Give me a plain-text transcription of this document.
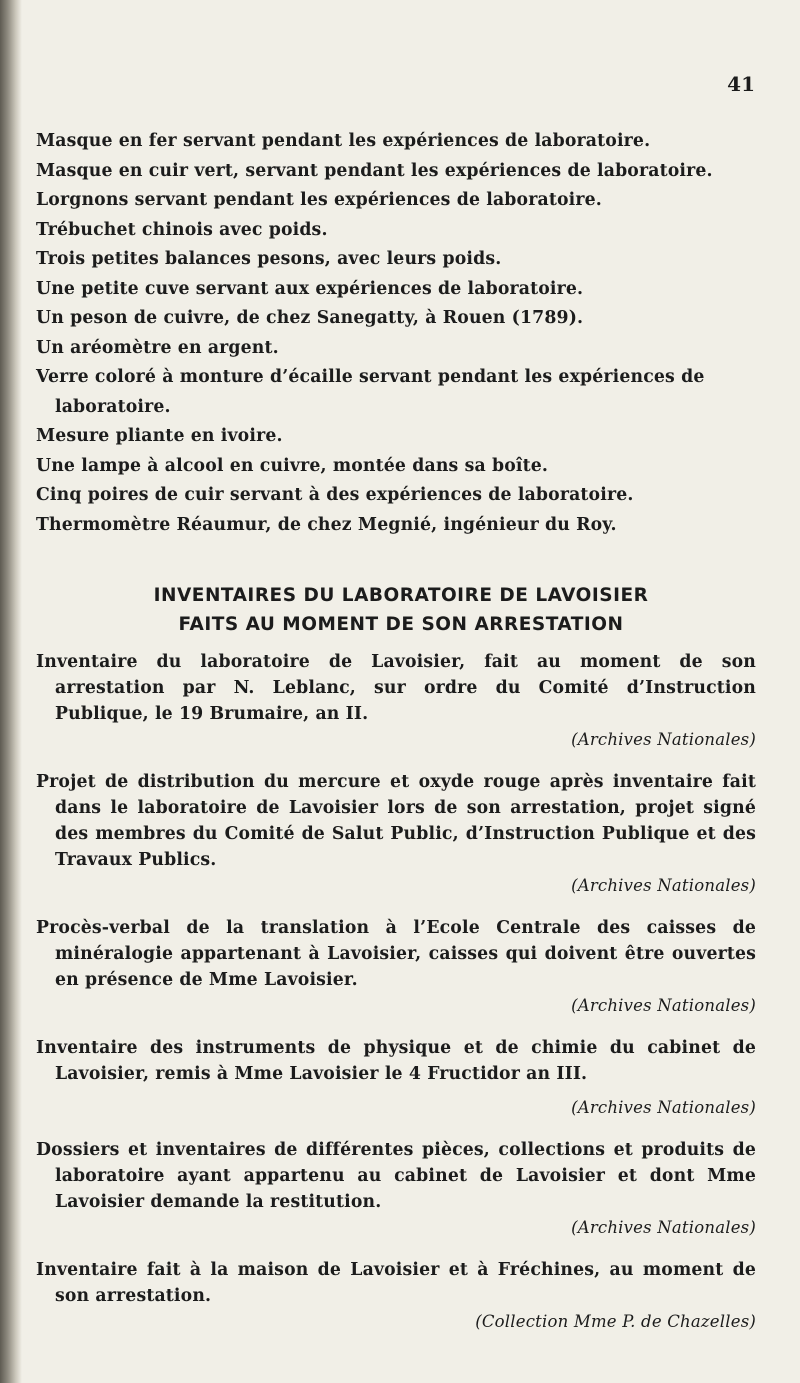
41
Masque en fer servant pendant les expériences de laboratoire.
Masque en cuir vert, servant pendant les expériences de laboratoire.
Lorgnons servant pendant les expériences de laboratoire.
Trébuchet chinois avec poids.
Trois petites balances pesons, avec leurs poids.
Une petite cuve servant aux expériences de laboratoire.
Un peson de cuivre, de chez Sanegatty, à Rouen (1789).
Un aréomètre en argent.
Verre coloré à monture d’écaille servant pendant les expériences de laboratoire.
Mesure pliante en ivoire.
Une lampe à alcool en cuivre, montée dans sa boîte.
Cinq poires de cuir servant à des expériences de laboratoire.
Thermomètre Réaumur, de chez Megnié, ingénieur du Roy.
INVENTAIRES DU LABORATOIRE DE LAVOISIER
FAITS AU MOMENT DE SON ARRESTATION
Inventaire du laboratoire de Lavoisier, fait au moment de son arrestation par N. Leblanc, sur ordre du Comité d’Instruction Publique, le 19 Brumaire, an II.
(Archives Nationales)
Projet de distribution du mercure et oxyde rouge après inventaire fait dans le laboratoire de Lavoisier lors de son arrestation, projet signé des membres du Comité de Salut Public, d’Instruction Publique et des Travaux Publics.
(Archives Nationales)
Procès-verbal de la translation à l’Ecole Centrale des caisses de minéralogie appartenant à Lavoisier, caisses qui doivent être ouvertes en présence de Mme Lavoisier.
(Archives Nationales)
Inventaire des instruments de physique et de chimie du cabinet de Lavoisier, remis à Mme Lavoisier le 4 Fructidor an III.
(Archives Nationales)
Dossiers et inventaires de différentes pièces, collections et produits de laboratoire ayant appartenu au cabinet de Lavoisier et dont Mme Lavoisier demande la restitution.
(Archives Nationales)
Inventaire fait à la maison de Lavoisier et à Fréchines, au moment de son arrestation.
(Collection Mme P. de Chazelles)
